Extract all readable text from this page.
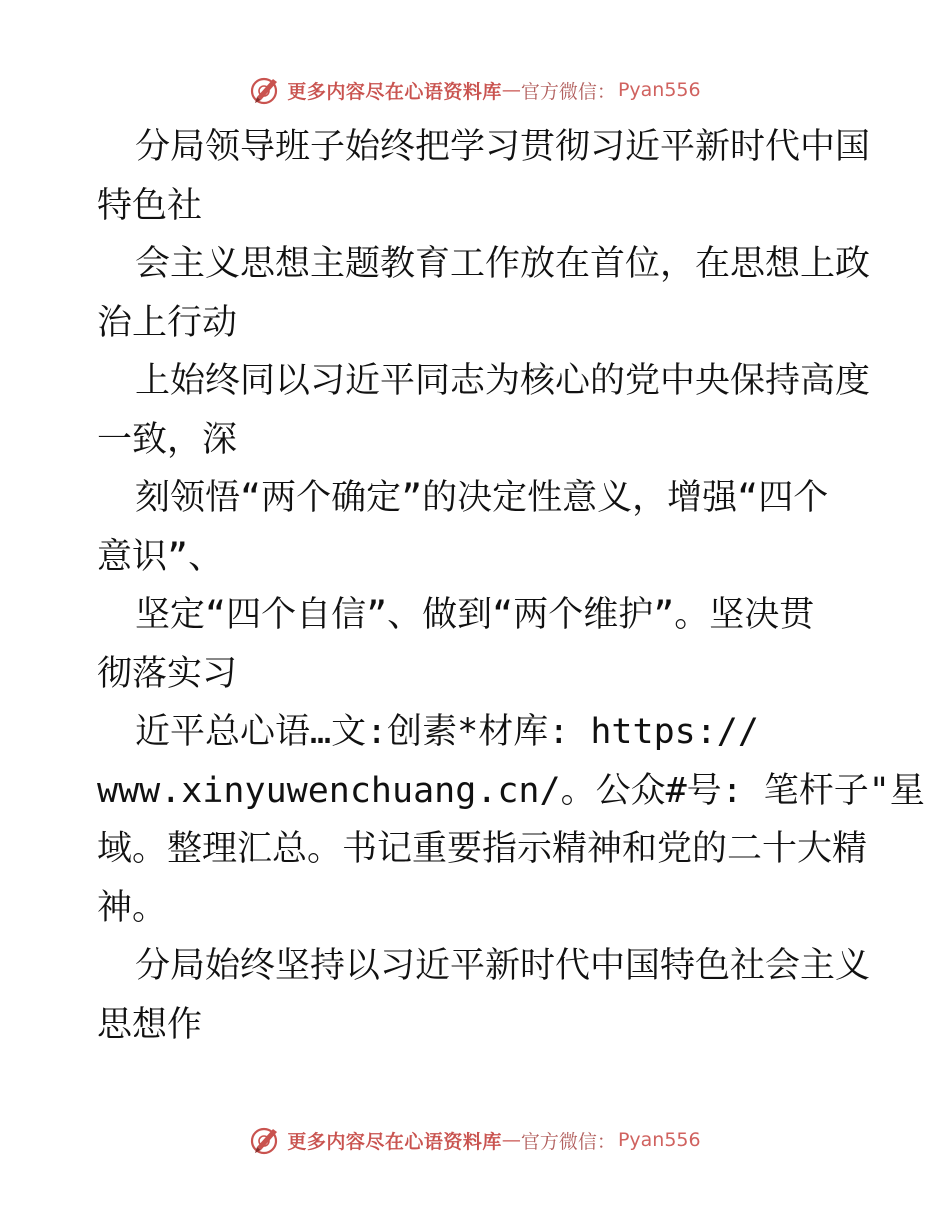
更多内容尽在心语资料库 — 官方微信： Pyan556
分局领导班子始终把学习贯彻习近平新时代中国
特色社
会主义思想主题教育工作放在首位，在思想上政
治上行动
上始终同以习近平同志为核心的党中央保持高度
一致，深
刻领悟“两个确定”的决定性意义，增强“四个
意识”、
坚定“四个自信”、做到“两个维护”。坚决贯
彻落实习
近平总心语…文:创素*材库: https://
www.xinyuwenchuang.cn/。公众#号: 笔杆子"星
域。整理汇总。书记重要指示精神和党的二十大精
神。
分局始终坚持以习近平新时代中国特色社会主义
思想作
更多内容尽在心语资料库 — 官方微信： Pyan556
